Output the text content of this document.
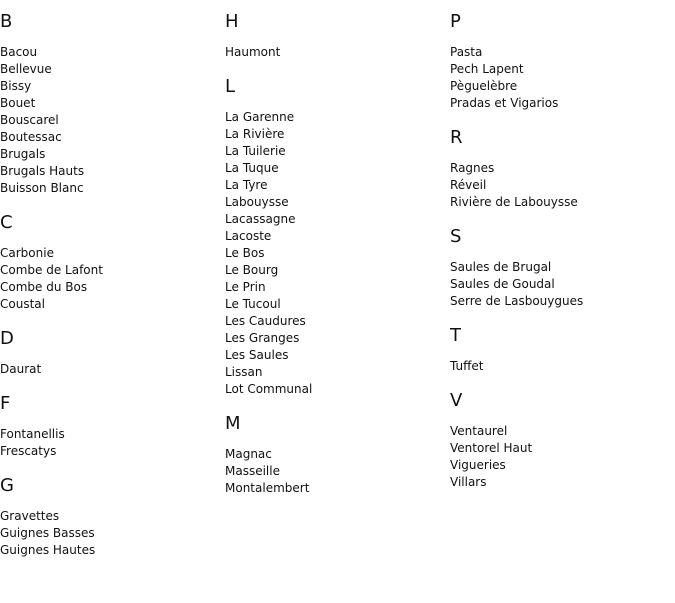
B
Bacou
Bellevue
Bissy
Bouet
Bouscarel
Boutessac
Brugals
Brugals Hauts
Buisson Blanc
C
Carbonie
Combe de Lafont
Combe du Bos
Coustal
D
Daurat
F
Fontanellis
Frescatys
G
Gravettes
Guignes Basses
Guignes Hautes
H
Haumont
L
La Garenne
La Rivière
La Tuilerie
La Tuque
La Tyre
Labouysse
Lacassagne
Lacoste
Le Bos
Le Bourg
Le Prin
Le Tucoul
Les Caudures
Les Granges
Les Saules
Lissan
Lot Communal
M
Magnac
Masseille
Montalembert
P
Pasta
Pech Lapent
Pèguelèbre
Pradas et Vigarios
R
Ragnes
Réveil
Rivière de Labouysse
S
Saules de Brugal
Saules de Goudal
Serre de Lasbouygues
T
Tuffet
V
Ventaurel
Ventorel Haut
Vigueries
Villars
